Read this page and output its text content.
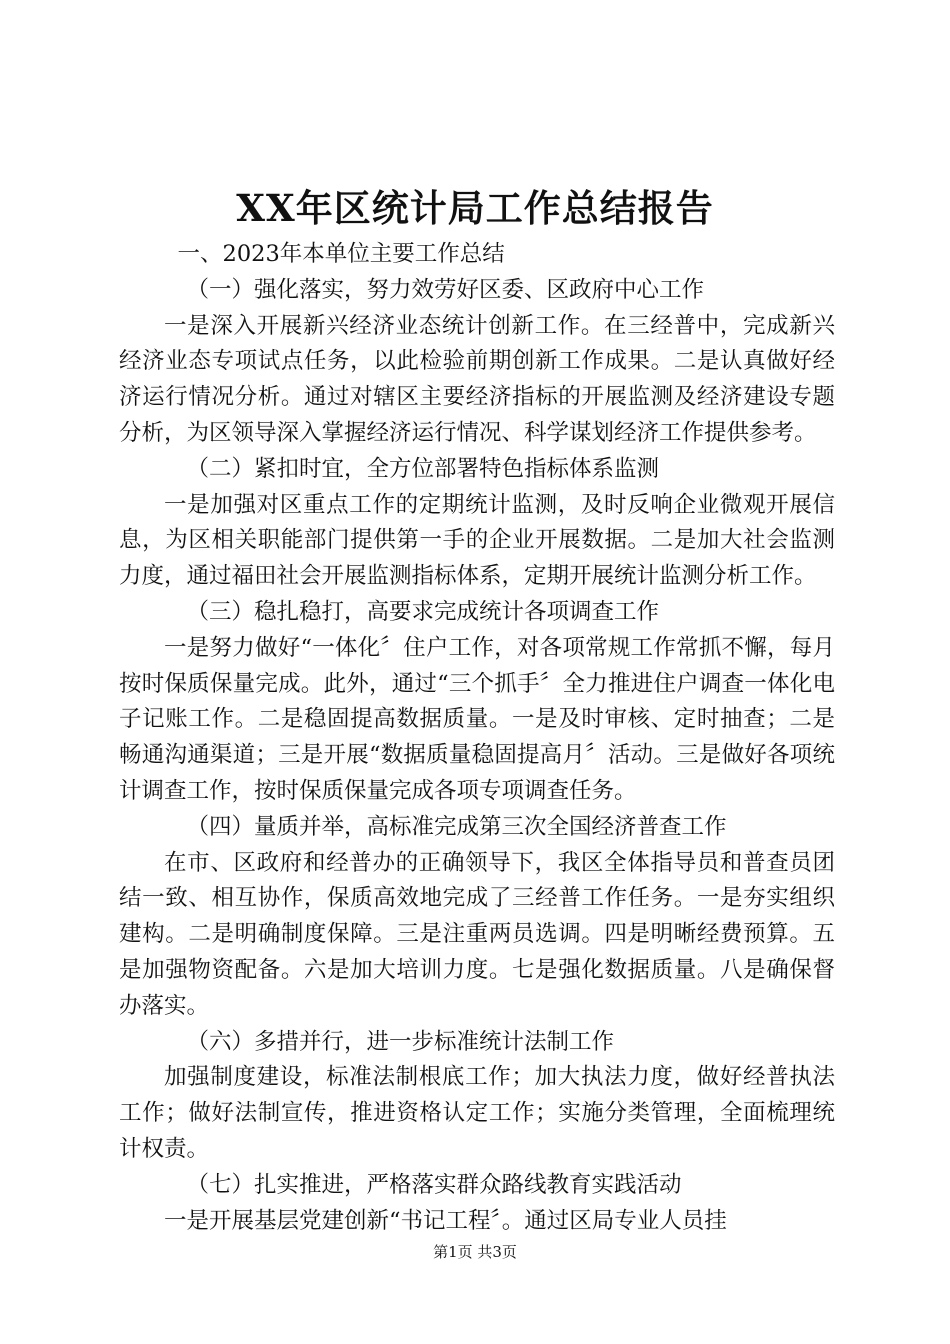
XX年区统计局工作总结报告

一、2023年本单位主要工作总结

（一）强化落实，努力效劳好区委、区政府中心工作

一是深入开展新兴经济业态统计创新工作。在三经普中，完成新兴经济业态专项试点任务，以此检验前期创新工作成果。二是认真做好经济运行情况分析。通过对辖区主要经济指标的开展监测及经济建设专题分析，为区领导深入掌握经济运行情况、科学谋划经济工作提供参考。

（二）紧扣时宜，全方位部署特色指标体系监测

一是加强对区重点工作的定期统计监测，及时反响企业微观开展信息，为区相关职能部门提供第一手的企业开展数据。二是加大社会监测力度，通过福田社会开展监测指标体系，定期开展统计监测分析工作。

（三）稳扎稳打，高要求完成统计各项调查工作

一是努力做好“一体化〞住户工作，对各项常规工作常抓不懈，每月按时保质保量完成。此外，通过“三个抓手〞全力推进住户调查一体化电子记账工作。二是稳固提高数据质量。一是及时审核、定时抽查；二是畅通沟通渠道；三是开展“数据质量稳固提高月〞活动。三是做好各项统计调查工作，按时保质保量完成各项专项调查任务。

（四）量质并举，高标准完成第三次全国经济普查工作

在市、区政府和经普办的正确领导下，我区全体指导员和普查员团结一致、相互协作，保质高效地完成了三经普工作任务。一是夯实组织建构。二是明确制度保障。三是注重两员选调。四是明晰经费预算。五是加强物资配备。六是加大培训力度。七是强化数据质量。八是确保督办落实。

（六）多措并行，进一步标准统计法制工作

加强制度建设，标准法制根底工作；加大执法力度，做好经普执法工作；做好法制宣传，推进资格认定工作；实施分类管理，全面梳理统计权责。

（七）扎实推进，严格落实群众路线教育实践活动

一是开展基层党建创新“书记工程〞。通过区局专业人员挂

第1页 共3页
